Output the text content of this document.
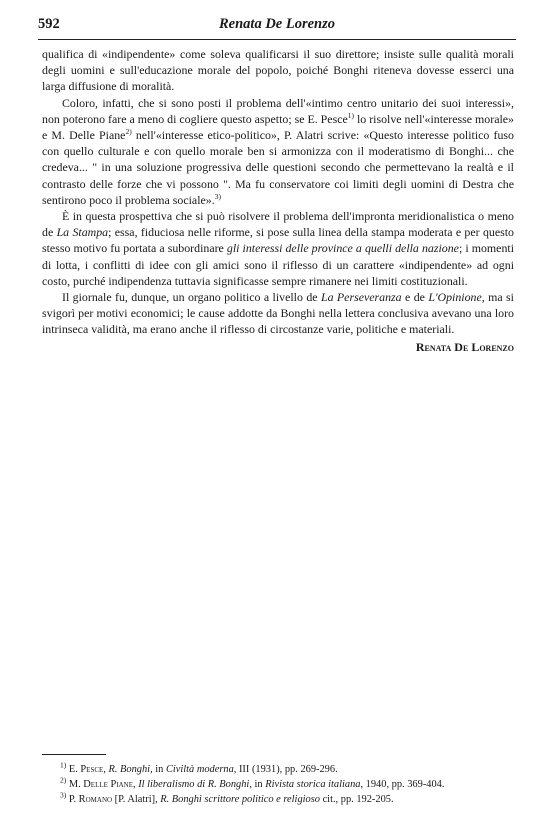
592	Renata De Lorenzo

qualifica di «indipendente» come soleva qualificarsi il suo direttore; insiste sulle qualità morali degli uomini e sull'educazione morale del popolo, poiché Bonghi riteneva dovesse esserci una larga diffusione di moralità.

Coloro, infatti, che si sono posti il problema dell'«intimo centro unitario dei suoi interessi», non poterono fare a meno di cogliere questo aspetto; se E. Pesce$^{1)}$ lo risolve nell'«interesse morale» e M. Delle Piane$^{2)}$ nell'«interesse etico-politico», P. Alatri scrive: «Questo interesse politico fuso con quello culturale e con quello morale ben si armonizza con il moderatismo di Bonghi... che credeva... " in una soluzione progressiva delle questioni secondo che permettevano la realtà e il contrasto delle forze che vi possono ". Ma fu conservatore coi limiti degli uomini di Destra che sentirono poco il problema sociale».$^{3)}$

È in questa prospettiva che si può risolvere il problema dell'impronta meridionalistica o meno de La Stampa; essa, fiduciosa nelle riforme, si pose sulla linea della stampa moderata e per questo stesso motivo fu portata a subordinare gli interessi delle province a quelli della nazione; i momenti di lotta, i conflitti di idee con gli amici sono il riflesso di un carattere «indipendente» ad ogni costo, purché indipendenza tuttavia significasse sempre rimanere nei limiti costituzionali.

Il giornale fu, dunque, un organo politico a livello de La Perseveranza e de L'Opinione, ma si svigorì per motivi economici; le cause addotte da Bonghi nella lettera conclusiva avevano una loro intrinseca validità, ma erano anche il riflesso di circostanze varie, politiche e materiali.

Renata De Lorenzo

$^{1)}$ E. Pesce, R. Bonghi, in Civiltà moderna, III (1931), pp. 269-296.

$^{2)}$ M. Delle Piane, Il liberalismo di R. Bonghi, in Rivista storica italiana, 1940, pp. 369-404.

$^{3)}$ P. Romano [P. Alatri], R. Bonghi scrittore politico e religioso cit., pp. 192-205.
